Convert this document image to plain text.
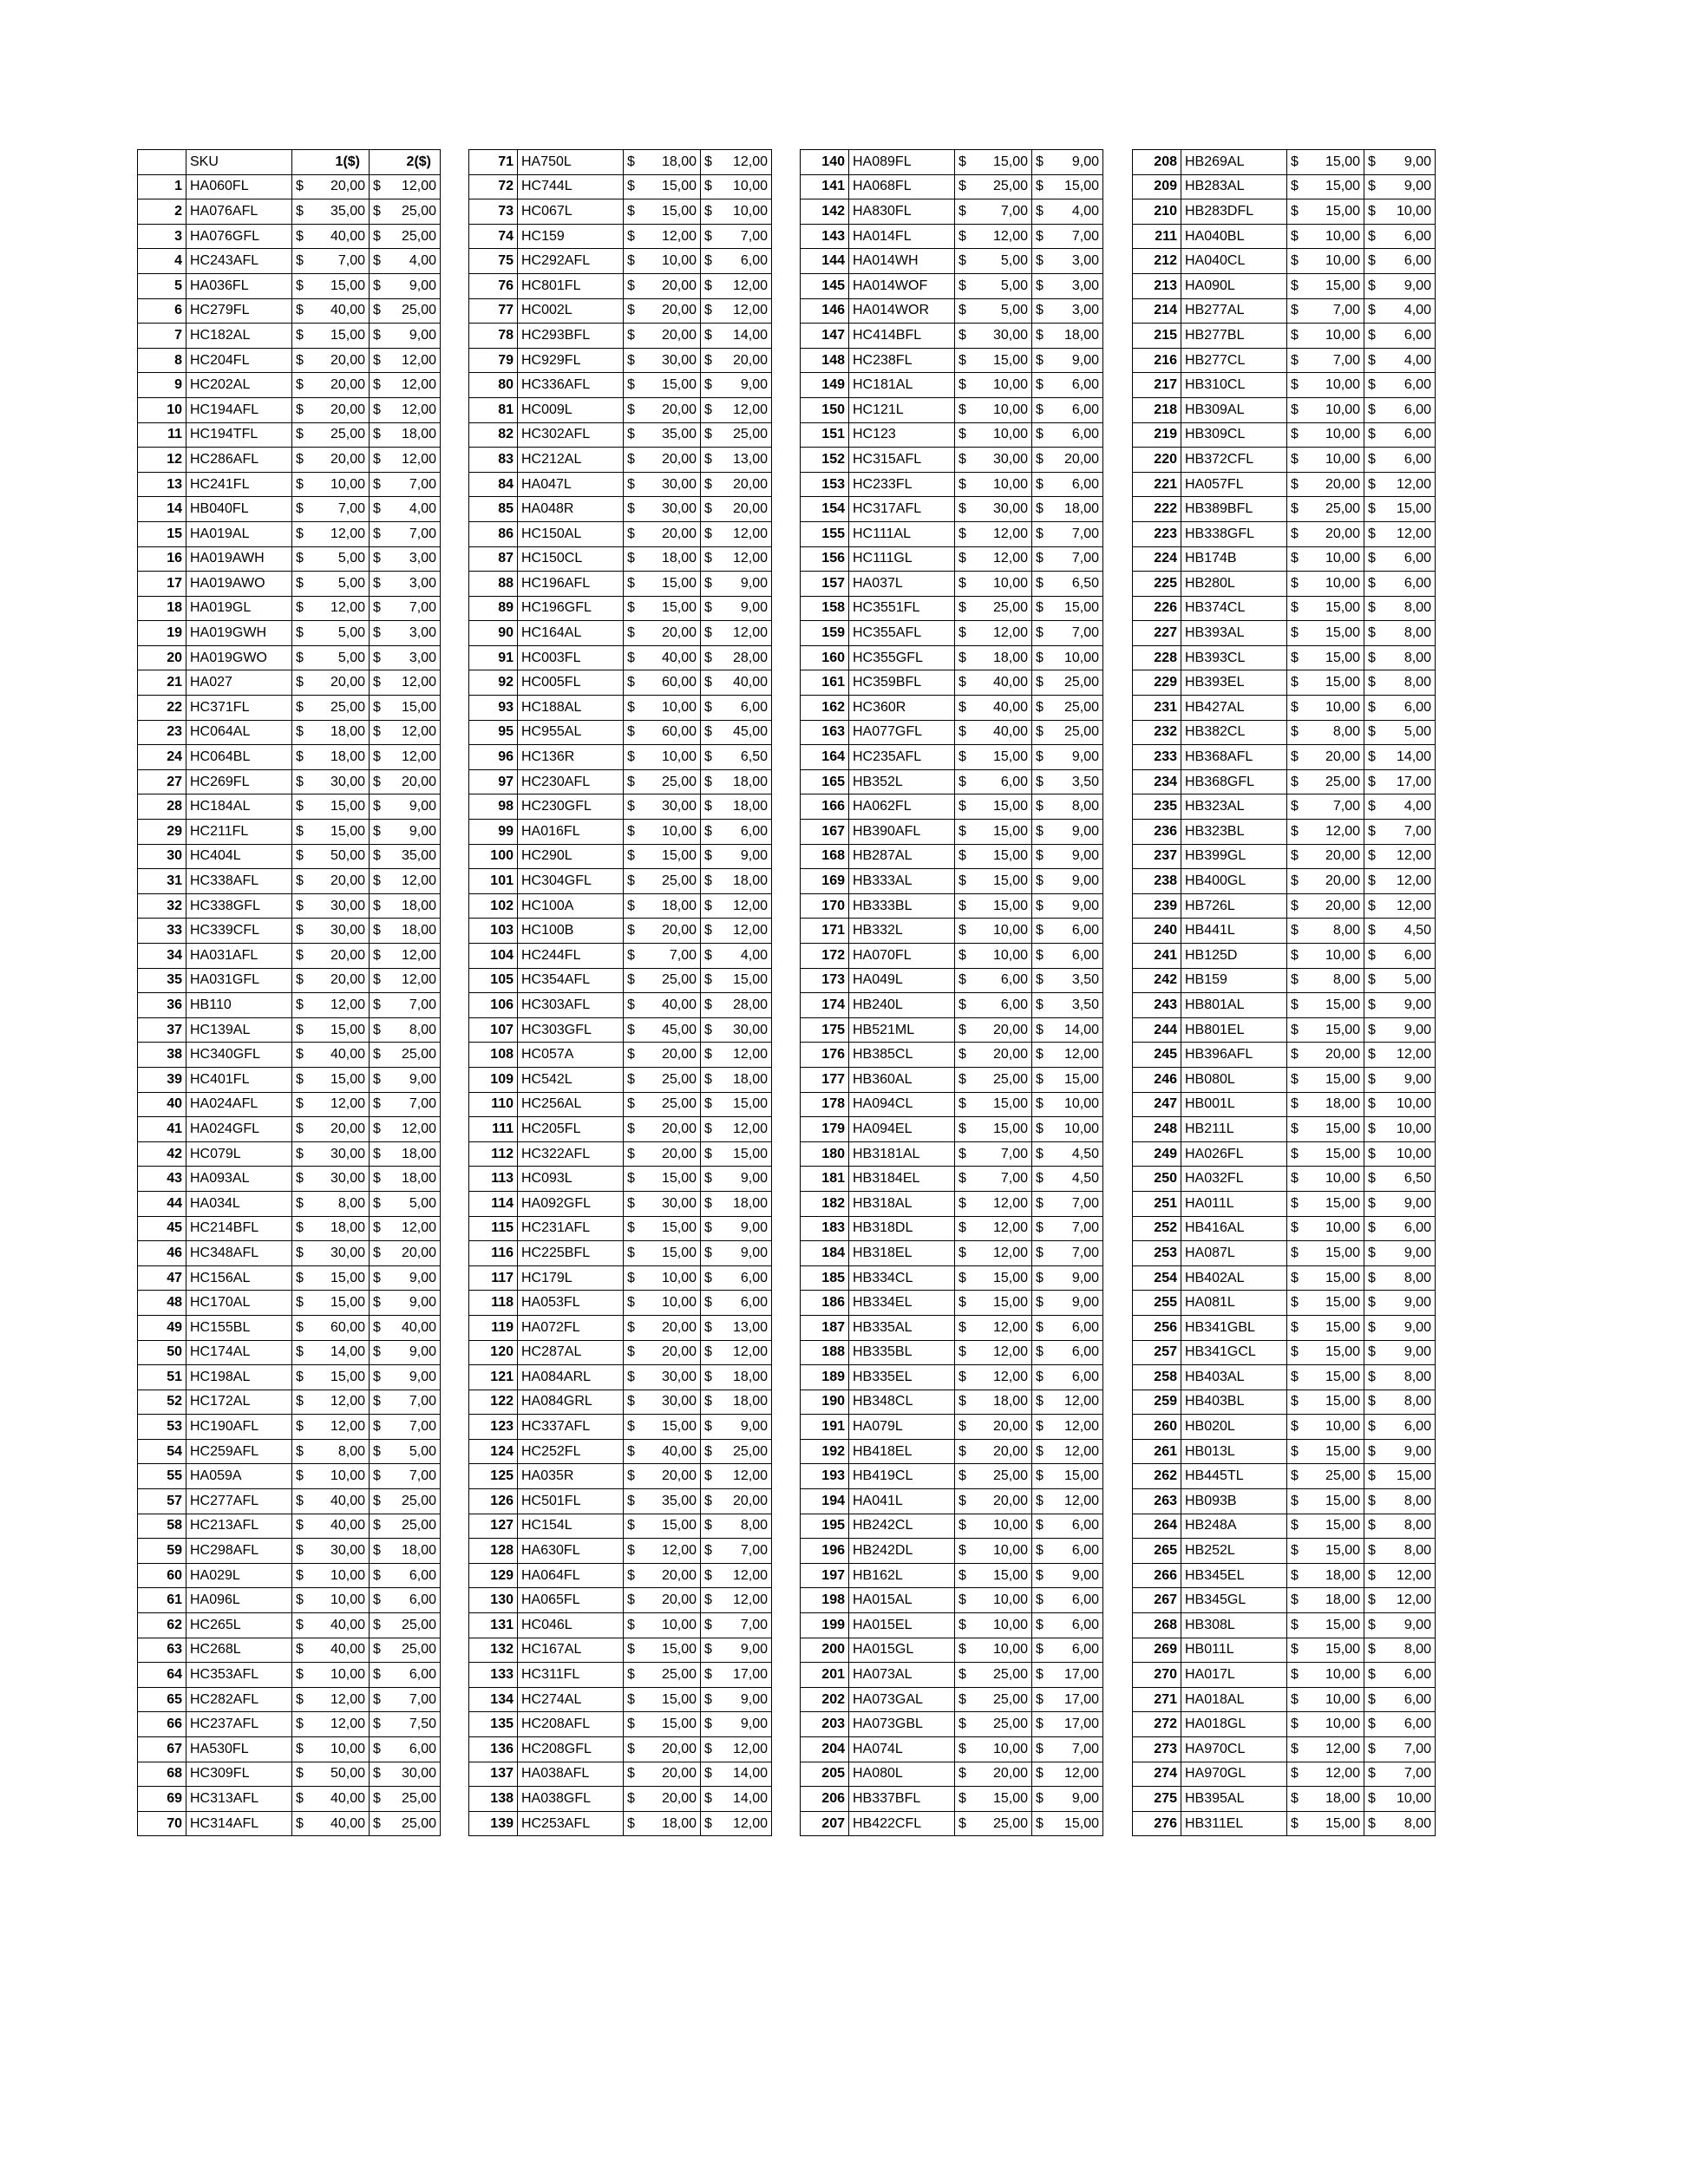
	SKU	1($)	2($)
1	HA060FL	$ 20,00	$ 12,00

2	HA076AFL	$ 35,00	$ 25,00

3	HA076GFL	$ 40,00	$ 25,00

4	HC243AFL	$ 7,00	$ 4,00

5	HA036FL	$ 15,00	$ 9,00

6	HC279FL	$ 40,00	$ 25,00

7	HC182AL	$ 15,00	$ 9,00

8	HC204FL	$ 20,00	$ 12,00

9	HC202AL	$ 20,00	$ 12,00

10	HC194AFL	$ 20,00	$ 12,00

11	HC194TFL	$ 25,00	$ 18,00

12	HC286AFL	$ 20,00	$ 12,00

13	HC241FL	$ 10,00	$ 7,00

14	HB040FL	$ 7,00	$ 4,00

15	HA019AL	$ 12,00	$ 7,00

16	HA019AWH	$ 5,00	$ 3,00

17	HA019AWO	$ 5,00	$ 3,00

18	HA019GL	$ 12,00	$ 7,00

19	HA019GWH	$ 5,00	$ 3,00

20	HA019GWO	$ 5,00	$ 3,00

21	HA027	$ 20,00	$ 12,00

22	HC371FL	$ 25,00	$ 15,00

23	HC064AL	$ 18,00	$ 12,00

24	HC064BL	$ 18,00	$ 12,00

27	HC269FL	$ 30,00	$ 20,00

28	HC184AL	$ 15,00	$ 9,00

29	HC211FL	$ 15,00	$ 9,00

30	HC404L	$ 50,00	$ 35,00

31	HC338AFL	$ 20,00	$ 12,00

32	HC338GFL	$ 30,00	$ 18,00

33	HC339CFL	$ 30,00	$ 18,00

34	HA031AFL	$ 20,00	$ 12,00

35	HA031GFL	$ 20,00	$ 12,00

36	HB110	$ 12,00	$ 7,00

37	HC139AL	$ 15,00	$ 8,00

38	HC340GFL	$ 40,00	$ 25,00

39	HC401FL	$ 15,00	$ 9,00

40	HA024AFL	$ 12,00	$ 7,00

41	HA024GFL	$ 20,00	$ 12,00

42	HC079L	$ 30,00	$ 18,00

43	HA093AL	$ 30,00	$ 18,00

44	HA034L	$ 8,00	$ 5,00

45	HC214BFL	$ 18,00	$ 12,00

46	HC348AFL	$ 30,00	$ 20,00

47	HC156AL	$ 15,00	$ 9,00

48	HC170AL	$ 15,00	$ 9,00

49	HC155BL	$ 60,00	$ 40,00

50	HC174AL	$ 14,00	$ 9,00

51	HC198AL	$ 15,00	$ 9,00

52	HC172AL	$ 12,00	$ 7,00

53	HC190AFL	$ 12,00	$ 7,00

54	HC259AFL	$ 8,00	$ 5,00

55	HA059A	$ 10,00	$ 7,00

57	HC277AFL	$ 40,00	$ 25,00

58	HC213AFL	$ 40,00	$ 25,00

59	HC298AFL	$ 30,00	$ 18,00

60	HA029L	$ 10,00	$ 6,00

61	HA096L	$ 10,00	$ 6,00

62	HC265L	$ 40,00	$ 25,00

63	HC268L	$ 40,00	$ 25,00

64	HC353AFL	$ 10,00	$ 6,00

65	HC282AFL	$ 12,00	$ 7,00

66	HC237AFL	$ 12,00	$ 7,50

67	HA530FL	$ 10,00	$ 6,00

68	HC309FL	$ 50,00	$ 30,00

69	HC313AFL	$ 40,00	$ 25,00

70	HC314AFL	$ 40,00	$ 25,00
71	HA750L	$ 18,00	$ 12,00

72	HC744L	$ 15,00	$ 10,00

73	HC067L	$ 15,00	$ 10,00

74	HC159	$ 12,00	$ 7,00

75	HC292AFL	$ 10,00	$ 6,00

76	HC801FL	$ 20,00	$ 12,00

77	HC002L	$ 20,00	$ 12,00

78	HC293BFL	$ 20,00	$ 14,00

79	HC929FL	$ 30,00	$ 20,00

80	HC336AFL	$ 15,00	$ 9,00

81	HC009L	$ 20,00	$ 12,00

82	HC302AFL	$ 35,00	$ 25,00

83	HC212AL	$ 20,00	$ 13,00

84	HA047L	$ 30,00	$ 20,00

85	HA048R	$ 30,00	$ 20,00

86	HC150AL	$ 20,00	$ 12,00

87	HC150CL	$ 18,00	$ 12,00

88	HC196AFL	$ 15,00	$ 9,00

89	HC196GFL	$ 15,00	$ 9,00

90	HC164AL	$ 20,00	$ 12,00

91	HC003FL	$ 40,00	$ 28,00

92	HC005FL	$ 60,00	$ 40,00

93	HC188AL	$ 10,00	$ 6,00

95	HC955AL	$ 60,00	$ 45,00

96	HC136R	$ 10,00	$ 6,50

97	HC230AFL	$ 25,00	$ 18,00

98	HC230GFL	$ 30,00	$ 18,00

99	HA016FL	$ 10,00	$ 6,00

100	HC290L	$ 15,00	$ 9,00

101	HC304GFL	$ 25,00	$ 18,00

102	HC100A	$ 18,00	$ 12,00

103	HC100B	$ 20,00	$ 12,00

104	HC244FL	$ 7,00	$ 4,00

105	HC354AFL	$ 25,00	$ 15,00

106	HC303AFL	$ 40,00	$ 28,00

107	HC303GFL	$ 45,00	$ 30,00

108	HC057A	$ 20,00	$ 12,00

109	HC542L	$ 25,00	$ 18,00

110	HC256AL	$ 25,00	$ 15,00

111	HC205FL	$ 20,00	$ 12,00

112	HC322AFL	$ 20,00	$ 15,00

113	HC093L	$ 15,00	$ 9,00

114	HA092GFL	$ 30,00	$ 18,00

115	HC231AFL	$ 15,00	$ 9,00

116	HC225BFL	$ 15,00	$ 9,00

117	HC179L	$ 10,00	$ 6,00

118	HA053FL	$ 10,00	$ 6,00

119	HA072FL	$ 20,00	$ 13,00

120	HC287AL	$ 20,00	$ 12,00

121	HA084ARL	$ 30,00	$ 18,00

122	HA084GRL	$ 30,00	$ 18,00

123	HC337AFL	$ 15,00	$ 9,00

124	HC252FL	$ 40,00	$ 25,00

125	HA035R	$ 20,00	$ 12,00

126	HC501FL	$ 35,00	$ 20,00

127	HC154L	$ 15,00	$ 8,00

128	HA630FL	$ 12,00	$ 7,00

129	HA064FL	$ 20,00	$ 12,00

130	HA065FL	$ 20,00	$ 12,00

131	HC046L	$ 10,00	$ 7,00

132	HC167AL	$ 15,00	$ 9,00

133	HC311FL	$ 25,00	$ 17,00

134	HC274AL	$ 15,00	$ 9,00

135	HC208AFL	$ 15,00	$ 9,00

136	HC208GFL	$ 20,00	$ 12,00

137	HA038AFL	$ 20,00	$ 14,00

138	HA038GFL	$ 20,00	$ 14,00

139	HC253AFL	$ 18,00	$ 12,00
140	HA089FL	$ 15,00	$ 9,00

141	HA068FL	$ 25,00	$ 15,00

142	HA830FL	$ 7,00	$ 4,00

143	HA014FL	$ 12,00	$ 7,00

144	HA014WH	$ 5,00	$ 3,00

145	HA014WOF	$ 5,00	$ 3,00

146	HA014WOR	$ 5,00	$ 3,00

147	HC414BFL	$ 30,00	$ 18,00

148	HC238FL	$ 15,00	$ 9,00

149	HC181AL	$ 10,00	$ 6,00

150	HC121L	$ 10,00	$ 6,00

151	HC123	$ 10,00	$ 6,00

152	HC315AFL	$ 30,00	$ 20,00

153	HC233FL	$ 10,00	$ 6,00

154	HC317AFL	$ 30,00	$ 18,00

155	HC111AL	$ 12,00	$ 7,00

156	HC111GL	$ 12,00	$ 7,00

157	HA037L	$ 10,00	$ 6,50

158	HC3551FL	$ 25,00	$ 15,00

159	HC355AFL	$ 12,00	$ 7,00

160	HC355GFL	$ 18,00	$ 10,00

161	HC359BFL	$ 40,00	$ 25,00

162	HC360R	$ 40,00	$ 25,00

163	HA077GFL	$ 40,00	$ 25,00

164	HC235AFL	$ 15,00	$ 9,00

165	HB352L	$ 6,00	$ 3,50

166	HA062FL	$ 15,00	$ 8,00

167	HB390AFL	$ 15,00	$ 9,00

168	HB287AL	$ 15,00	$ 9,00

169	HB333AL	$ 15,00	$ 9,00

170	HB333BL	$ 15,00	$ 9,00

171	HB332L	$ 10,00	$ 6,00

172	HA070FL	$ 10,00	$ 6,00

173	HA049L	$ 6,00	$ 3,50

174	HB240L	$ 6,00	$ 3,50

175	HB521ML	$ 20,00	$ 14,00

176	HB385CL	$ 20,00	$ 12,00

177	HB360AL	$ 25,00	$ 15,00

178	HA094CL	$ 15,00	$ 10,00

179	HA094EL	$ 15,00	$ 10,00

180	HB3181AL	$ 7,00	$ 4,50

181	HB3184EL	$ 7,00	$ 4,50

182	HB318AL	$ 12,00	$ 7,00

183	HB318DL	$ 12,00	$ 7,00

184	HB318EL	$ 12,00	$ 7,00

185	HB334CL	$ 15,00	$ 9,00

186	HB334EL	$ 15,00	$ 9,00

187	HB335AL	$ 12,00	$ 6,00

188	HB335BL	$ 12,00	$ 6,00

189	HB335EL	$ 12,00	$ 6,00

190	HB348CL	$ 18,00	$ 12,00

191	HA079L	$ 20,00	$ 12,00

192	HB418EL	$ 20,00	$ 12,00

193	HB419CL	$ 25,00	$ 15,00

194	HA041L	$ 20,00	$ 12,00

195	HB242CL	$ 10,00	$ 6,00

196	HB242DL	$ 10,00	$ 6,00

197	HB162L	$ 15,00	$ 9,00

198	HA015AL	$ 10,00	$ 6,00

199	HA015EL	$ 10,00	$ 6,00

200	HA015GL	$ 10,00	$ 6,00

201	HA073AL	$ 25,00	$ 17,00

202	HA073GAL	$ 25,00	$ 17,00

203	HA073GBL	$ 25,00	$ 17,00

204	HA074L	$ 10,00	$ 7,00

205	HA080L	$ 20,00	$ 12,00

206	HB337BFL	$ 15,00	$ 9,00

207	HB422CFL	$ 25,00	$ 15,00
208	HB269AL	$ 15,00	$ 9,00

209	HB283AL	$ 15,00	$ 9,00

210	HB283DFL	$ 15,00	$ 10,00

211	HA040BL	$ 10,00	$ 6,00

212	HA040CL	$ 10,00	$ 6,00

213	HA090L	$ 15,00	$ 9,00

214	HB277AL	$ 7,00	$ 4,00

215	HB277BL	$ 10,00	$ 6,00

216	HB277CL	$ 7,00	$ 4,00

217	HB310CL	$ 10,00	$ 6,00

218	HB309AL	$ 10,00	$ 6,00

219	HB309CL	$ 10,00	$ 6,00

220	HB372CFL	$ 10,00	$ 6,00

221	HA057FL	$ 20,00	$ 12,00

222	HB389BFL	$ 25,00	$ 15,00

223	HB338GFL	$ 20,00	$ 12,00

224	HB174B	$ 10,00	$ 6,00

225	HB280L	$ 10,00	$ 6,00

226	HB374CL	$ 15,00	$ 8,00

227	HB393AL	$ 15,00	$ 8,00

228	HB393CL	$ 15,00	$ 8,00

229	HB393EL	$ 15,00	$ 8,00

231	HB427AL	$ 10,00	$ 6,00

232	HB382CL	$ 8,00	$ 5,00

233	HB368AFL	$ 20,00	$ 14,00

234	HB368GFL	$ 25,00	$ 17,00

235	HB323AL	$ 7,00	$ 4,00

236	HB323BL	$ 12,00	$ 7,00

237	HB399GL	$ 20,00	$ 12,00

238	HB400GL	$ 20,00	$ 12,00

239	HB726L	$ 20,00	$ 12,00

240	HB441L	$ 8,00	$ 4,50

241	HB125D	$ 10,00	$ 6,00

242	HB159	$ 8,00	$ 5,00

243	HB801AL	$ 15,00	$ 9,00

244	HB801EL	$ 15,00	$ 9,00

245	HB396AFL	$ 20,00	$ 12,00

246	HB080L	$ 15,00	$ 9,00

247	HB001L	$ 18,00	$ 10,00

248	HB211L	$ 15,00	$ 10,00

249	HA026FL	$ 15,00	$ 10,00

250	HA032FL	$ 10,00	$ 6,50

251	HA011L	$ 15,00	$ 9,00

252	HB416AL	$ 10,00	$ 6,00

253	HA087L	$ 15,00	$ 9,00

254	HB402AL	$ 15,00	$ 8,00

255	HA081L	$ 15,00	$ 9,00

256	HB341GBL	$ 15,00	$ 9,00

257	HB341GCL	$ 15,00	$ 9,00

258	HB403AL	$ 15,00	$ 8,00

259	HB403BL	$ 15,00	$ 8,00

260	HB020L	$ 10,00	$ 6,00

261	HB013L	$ 15,00	$ 9,00

262	HB445TL	$ 25,00	$ 15,00

263	HB093B	$ 15,00	$ 8,00

264	HB248A	$ 15,00	$ 8,00

265	HB252L	$ 15,00	$ 8,00

266	HB345EL	$ 18,00	$ 12,00

267	HB345GL	$ 18,00	$ 12,00

268	HB308L	$ 15,00	$ 9,00

269	HB011L	$ 15,00	$ 8,00

270	HA017L	$ 10,00	$ 6,00

271	HA018AL	$ 10,00	$ 6,00

272	HA018GL	$ 10,00	$ 6,00

273	HA970CL	$ 12,00	$ 7,00

274	HA970GL	$ 12,00	$ 7,00

275	HB395AL	$ 18,00	$ 10,00

276	HB311EL	$ 15,00	$ 8,00
